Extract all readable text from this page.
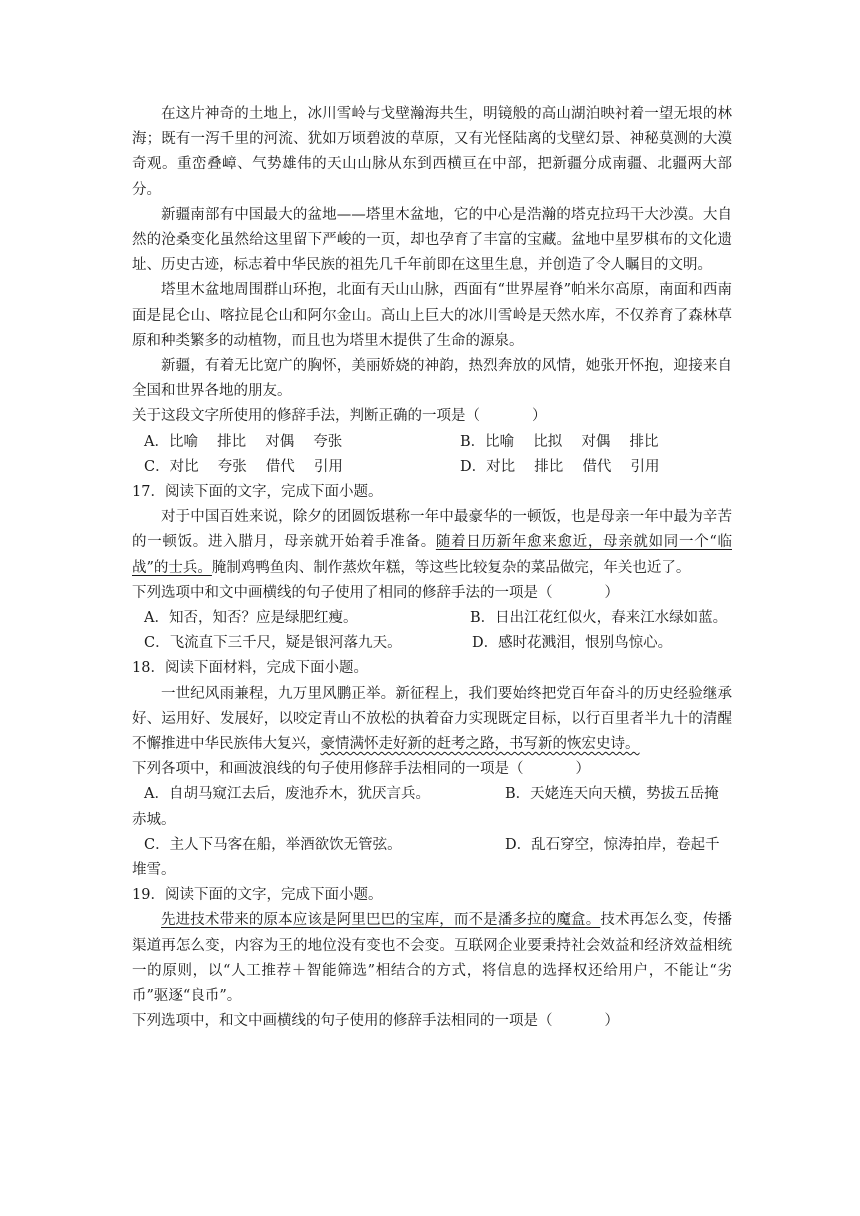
在这片神奇的土地上，冰川雪岭与戈壁瀚海共生，明镜般的高山湖泊映衬着一望无垠的林海；既有一泻千里的河流、犹如万顷碧波的草原，又有光怪陆离的戈壁幻景、神秘莫测的大漠奇观。重峦叠嶂、气势雄伟的天山山脉从东到西横亘在中部，把新疆分成南疆、北疆两大部分。

新疆南部有中国最大的盆地——塔里木盆地，它的中心是浩瀚的塔克拉玛干大沙漠。大自然的沧桑变化虽然给这里留下严峻的一页，却也孕育了丰富的宝藏。盆地中星罗棋布的文化遗址、历史古迹，标志着中华民族的祖先几千年前即在这里生息，并创造了令人瞩目的文明。

塔里木盆地周围群山环抱，北面有天山山脉，西面有“世界屋脊”帕米尔高原，南面和西南面是昆仑山、喀拉昆仑山和阿尔金山。高山上巨大的冰川雪岭是天然水库，不仅养育了森林草原和种类繁多的动植物，而且也为塔里木提供了生命的源泉。

新疆，有着无比宽广的胸怀，美丽娇娆的神韵，热烈奔放的风情，她张开怀抱，迎接来自全国和世界各地的朋友。

关于这段文字所使用的修辞手法，判断正确的一项是（	）

A．比喻　 排比　 对偶　 夸张	B．比喻　 比拟　 对偶　 排比
C．对比　 夸张　 借代　 引用	D．对比　 排比　 借代　 引用

17．阅读下面的文字，完成下面小题。

对于中国百姓来说，除夕的团圆饭堪称一年中最豪华的一顿饭，也是母亲一年中最为辛苦的一顿饭。进入腊月，母亲就开始着手准备。随着日历新年愈来愈近，母亲就如同一个“临战”的士兵。腌制鸡鸭鱼肉、制作蒸炊年糕，等这些比较复杂的菜品做完，年关也近了。

下列选项中和文中画横线的句子使用了相同的修辞手法的一项是（	）

A．知否，知否？应是绿肥红瘦。	B．日出江花红似火，春来江水绿如蓝。
C．飞流直下三千尺，疑是银河落九天。	D．感时花溅泪，恨别鸟惊心。

18．阅读下面材料，完成下面小题。

一世纪风雨兼程，九万里风鹏正举。新征程上，我们要始终把党百年奋斗的历史经验继承好、运用好、发展好，以咬定青山不放松的执着奋力实现既定目标，以行百里者半九十的清醒不懈推进中华民族伟大复兴，豪情满怀走好新的赶考之路，书写新的恢宏史诗。

下列各项中，和画波浪线的句子使用修辞手法相同的一项是（	）

A．自胡马窥江去后，废池乔木，犹厌言兵。	B．天姥连天向天横，势拔五岳掩

赤城。

C．主人下马客在船，举酒欲饮无管弦。	D．乱石穿空，惊涛拍岸，卷起千

堆雪。

19．阅读下面的文字，完成下面小题。

先进技术带来的原本应该是阿里巴巴的宝库，而不是潘多拉的魔盒。技术再怎么变，传播渠道再怎么变，内容为王的地位没有变也不会变。互联网企业要秉持社会效益和经济效益相统一的原则，以“人工推荐＋智能筛选”相结合的方式，将信息的选择权还给用户，不能让“劣币”驱逐“良币”。

下列选项中，和文中画横线的句子使用的修辞手法相同的一项是（	）
